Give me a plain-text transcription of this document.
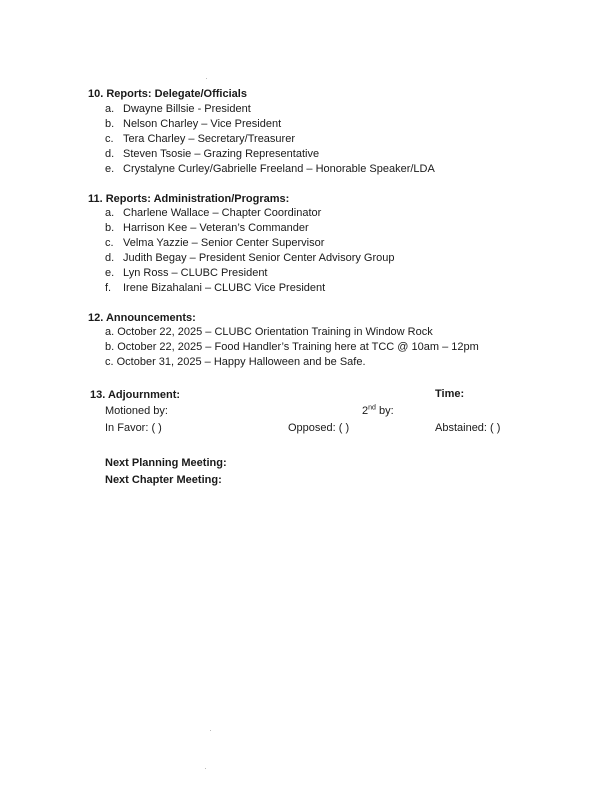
10. Reports: Delegate/Officials
a. Dwayne Billsie - President
b. Nelson Charley – Vice President
c. Tera Charley – Secretary/Treasurer
d. Steven Tsosie – Grazing Representative
e. Crystalyne Curley/Gabrielle Freeland – Honorable Speaker/LDA
11. Reports: Administration/Programs:
a. Charlene Wallace – Chapter Coordinator
b. Harrison Kee – Veteran’s Commander
c. Velma Yazzie – Senior Center Supervisor
d. Judith Begay – President Senior Center Advisory Group
e. Lyn Ross – CLUBC President
f. Irene Bizahalani – CLUBC Vice President
12. Announcements:
a. October 22, 2025 – CLUBC Orientation Training in Window Rock
b. October 22, 2025 – Food Handler’s Training here at TCC @ 10am – 12pm
c. October 31, 2025 – Happy Halloween and be Safe.
13. Adjournment:	Time:
Motioned by:	2nd by:
In Favor: ( )	Opposed: ( )	Abstained: ( )
Next Planning Meeting:
Next Chapter Meeting:
